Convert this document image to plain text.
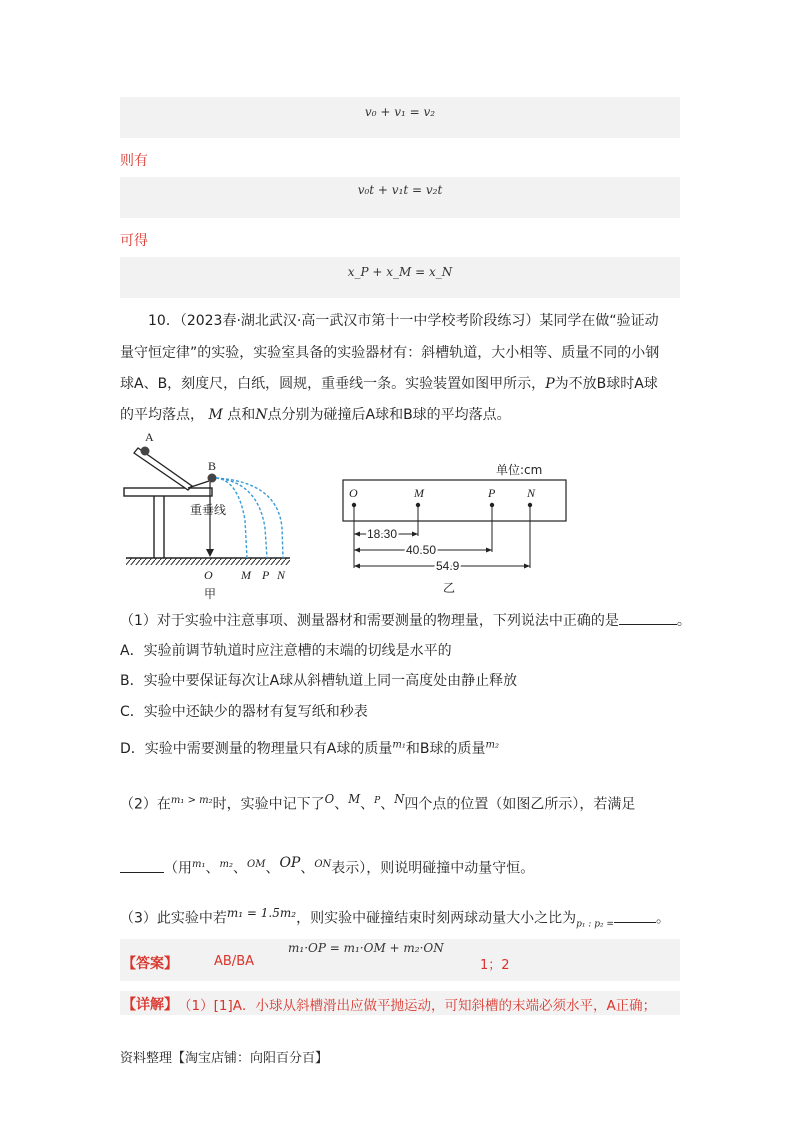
v₀ + v₁ = v₂
则有
v₀t + v₁t = v₂t
可得
x_P + x_M = x_N
10．（2023春·湖北武汉·高一武汉市第十一中学校考阶段练习）某同学在做“验证动
量守恒定律”的实验，实验室具备的实验器材有：斜槽轨道，大小相等、质量不同的小钢
球A、B，刻度尺，白纸，圆规，重垂线一条。实验装置如图甲所示，P为不放B球时A球
的平均落点， M 点和N点分别为碰撞后A球和B球的平均落点。
A
B
重垂线
O M P N
甲
单位:cm
O	M	P	N
18.30
40.50
54.9
乙
（1）对于实验中注意事项、测量器材和需要测量的物理量，下列说法中正确的是	。
A．实验前调节轨道时应注意槽的末端的切线是水平的
B．实验中要保证每次让A球从斜槽轨道上同一高度处由静止释放
C．实验中还缺少的器材有复写纸和秒表
D．实验中需要测量的物理量只有A球的质量$^{m_1}$和B球的质量$^{m_2}$
（2）在$^{m_1 > m_2}$时，实验中记下了$^O$、$^M$、$^P$、$^N$四个点的位置（如图乙所示），若满足
（用$^{m_1}$、$^{m_2}$、$^{OM}$、$^{OP}$、$^{ON}$表示），则说明碰撞中动量守恒。
（3）此实验中若$^{m_1 = 1.5m_2}$，则实验中碰撞结束时刻两球动量大小之比为$_{p_1 : p_2 =}$	。
【答案】	AB/BA
m₁·OP = m₁·OM + m₂·ON
1；2
【详解】 （1）[1]A．小球从斜槽滑出应做平抛运动，可知斜槽的末端必须水平，A正确；
资料整理【淘宝店铺：向阳百分百】
